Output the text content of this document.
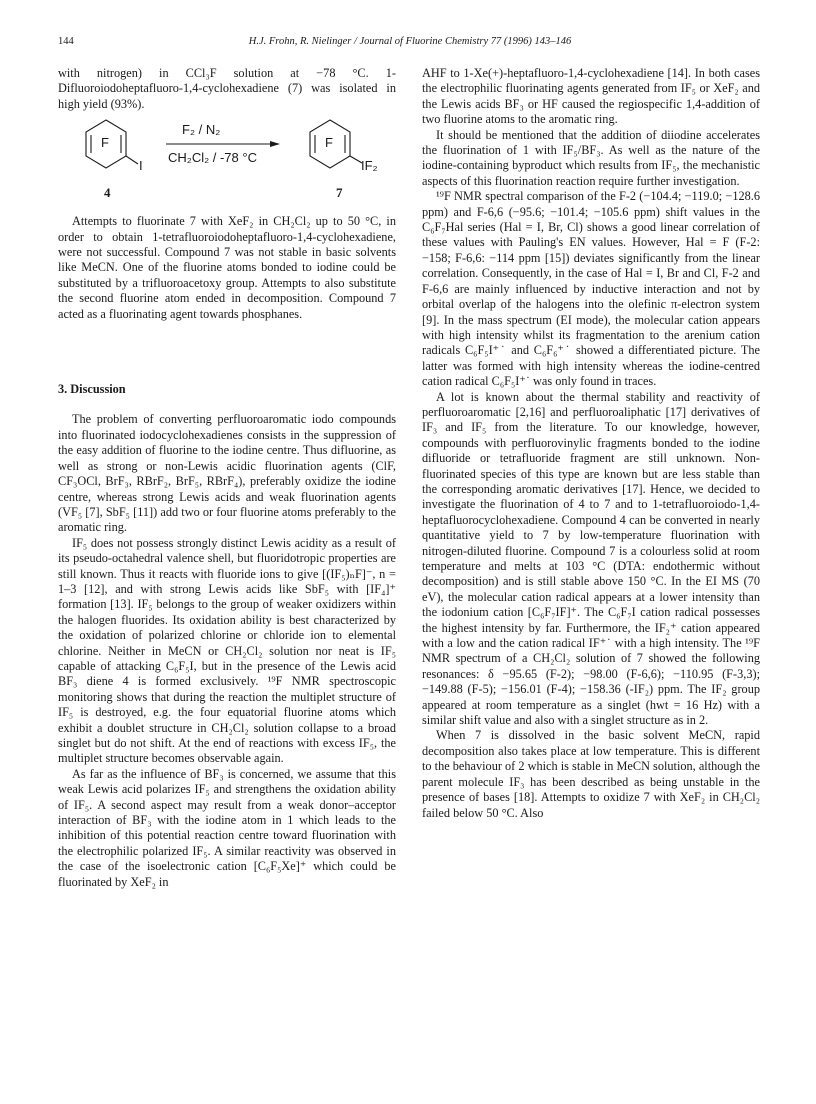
144	H.J. Frohn, R. Nielinger / Journal of Fluorine Chemistry 77 (1996) 143–146

with nitrogen) in CCl₃F solution at −78 °C. 1-Difluoroiodoheptafluoro-1,4-cyclohexadiene (7) was isolated in high yield (93%).

F
I
F₂ / N₂
CH₂Cl₂ / -78 °C
F
IF₂
4	7

Attempts to fluorinate 7 with XeF₂ in CH₂Cl₂ up to 50 °C, in order to obtain 1-tetrafluoroiodoheptafluoro-1,4-cyclohexadiene, were not successful. Compound 7 was not stable in basic solvents like MeCN. One of the fluorine atoms bonded to iodine could be substituted by a trifluoroacetoxy group. Attempts to also substitute the second fluorine atom ended in decomposition. Compound 7 acted as a fluorinating agent towards phosphanes.

3. Discussion

The problem of converting perfluoroaromatic iodo compounds into fluorinated iodocyclohexadienes consists in the suppression of the easy addition of fluorine to the iodine centre. Thus difluorine, as well as strong or non-Lewis acidic fluorination agents (ClF, CF₃OCl, BrF₃, RBrF₂, BrF₅, RBrF₄), preferably oxidize the iodine centre, whereas strong Lewis acids and weak fluorination agents (VF₅ [7], SbF₅ [11]) add two or four fluorine atoms preferably to the aromatic ring.

IF₅ does not possess strongly distinct Lewis acidity as a result of its pseudo-octahedral valence shell, but fluoridotropic properties are still known. Thus it reacts with fluoride ions to give [(IF₅)ₙF]⁻, n = 1–3 [12], and with strong Lewis acids like SbF₅ with [IF₄]⁺ formation [13]. IF₅ belongs to the group of weaker oxidizers within the halogen fluorides. Its oxidation ability is best characterized by the oxidation of polarized chlorine or chloride ion to elemental chlorine. Neither in MeCN or CH₂Cl₂ solution nor neat is IF₅ capable of attacking C₆F₅I, but in the presence of the Lewis acid BF₃ diene 4 is formed exclusively. ¹⁹F NMR spectroscopic monitoring shows that during the reaction the multiplet structure of IF₅ is destroyed, e.g. the four equatorial fluorine atoms which exhibit a doublet structure in CH₂Cl₂ solution collapse to a broad singlet but do not shift. At the end of reactions with excess IF₅, the multiplet structure becomes observable again.

As far as the influence of BF₃ is concerned, we assume that this weak Lewis acid polarizes IF₅ and strengthens the oxidation ability of IF₅. A second aspect may result from a weak donor–acceptor interaction of BF₃ with the iodine atom in 1 which leads to the inhibition of this potential reaction centre toward fluorination with the electrophilic polarized IF₅. A similar reactivity was observed in the case of the isoelectronic cation [C₆F₅Xe]⁺ which could be fluorinated by XeF₂ in

AHF to 1-Xe(+)-heptafluoro-1,4-cyclohexadiene [14]. In both cases the electrophilic fluorinating agents generated from IF₅ or XeF₂ and the Lewis acids BF₃ or HF caused the regiospecific 1,4-addition of two fluorine atoms to the aromatic ring.

It should be mentioned that the addition of diiodine accelerates the fluorination of 1 with IF₅/BF₃. As well as the nature of the iodine-containing byproduct which results from IF₅, the mechanistic aspects of this fluorination reaction require further investigation.

¹⁹F NMR spectral comparison of the F-2 (−104.4; −119.0; −128.6 ppm) and F-6,6 (−95.6; −101.4; −105.6 ppm) shift values in the C₆F₇Hal series (Hal = I, Br, Cl) shows a good linear correlation of these values with Pauling's EN values. However, Hal = F (F-2: −158; F-6,6: −114 ppm [15]) deviates significantly from the linear correlation. Consequently, in the case of Hal = I, Br and Cl, F-2 and F-6,6 are mainly influenced by inductive interaction and not by orbital overlap of the halogens into the olefinic π-electron system [9]. In the mass spectrum (EI mode), the molecular cation appears with high intensity whilst its fragmentation to the arenium cation radicals C₆F₅I⁺˙ and C₆F₆⁺˙ showed a differentiated picture. The latter was formed with high intensity whereas the iodine-centred cation radical C₆F₅I⁺˙ was only found in traces.

A lot is known about the thermal stability and reactivity of perfluoroaromatic [2,16] and perfluoroaliphatic [17] derivatives of IF₃ and IF₅ from the literature. To our knowledge, however, compounds with perfluorovinylic fragments bonded to the iodine difluoride or tetrafluoride fragment are still unknown. Non-fluorinated species of this type are known but are less stable than the corresponding aromatic derivatives [17]. Hence, we decided to investigate the fluorination of 4 to 7 and to 1-tetrafluoroiodo-1,4-heptafluorocyclohexadiene. Compound 4 can be converted in nearly quantitative yield to 7 by low-temperature fluorination with nitrogen-diluted fluorine. Compound 7 is a colourless solid at room temperature and melts at 103 °C (DTA: endothermic without decomposition) and is still stable above 150 °C. In the EI MS (70 eV), the molecular cation radical appears at a lower intensity than the iodonium cation [C₆F₇IF]⁺. The C₆F₇I cation radical possesses the highest intensity by far. Furthermore, the IF₂⁺ cation appeared with a low and the cation radical IF⁺˙ with a high intensity. The ¹⁹F NMR spectrum of a CH₂Cl₂ solution of 7 showed the following resonances: δ −95.65 (F-2); −98.00 (F-6,6); −110.95 (F-3,3); −149.88 (F-5); −156.01 (F-4); −158.36 (-IF₂) ppm. The IF₂ group appeared at room temperature as a singlet (hwt = 16 Hz) with a similar shift value and also with a singlet structure as in 2.

When 7 is dissolved in the basic solvent MeCN, rapid decomposition also takes place at low temperature. This is different to the behaviour of 2 which is stable in MeCN solution, although the parent molecule IF₃ has been described as being unstable in the presence of bases [18]. Attempts to oxidize 7 with XeF₂ in CH₂Cl₂ failed below 50 °C. Also
